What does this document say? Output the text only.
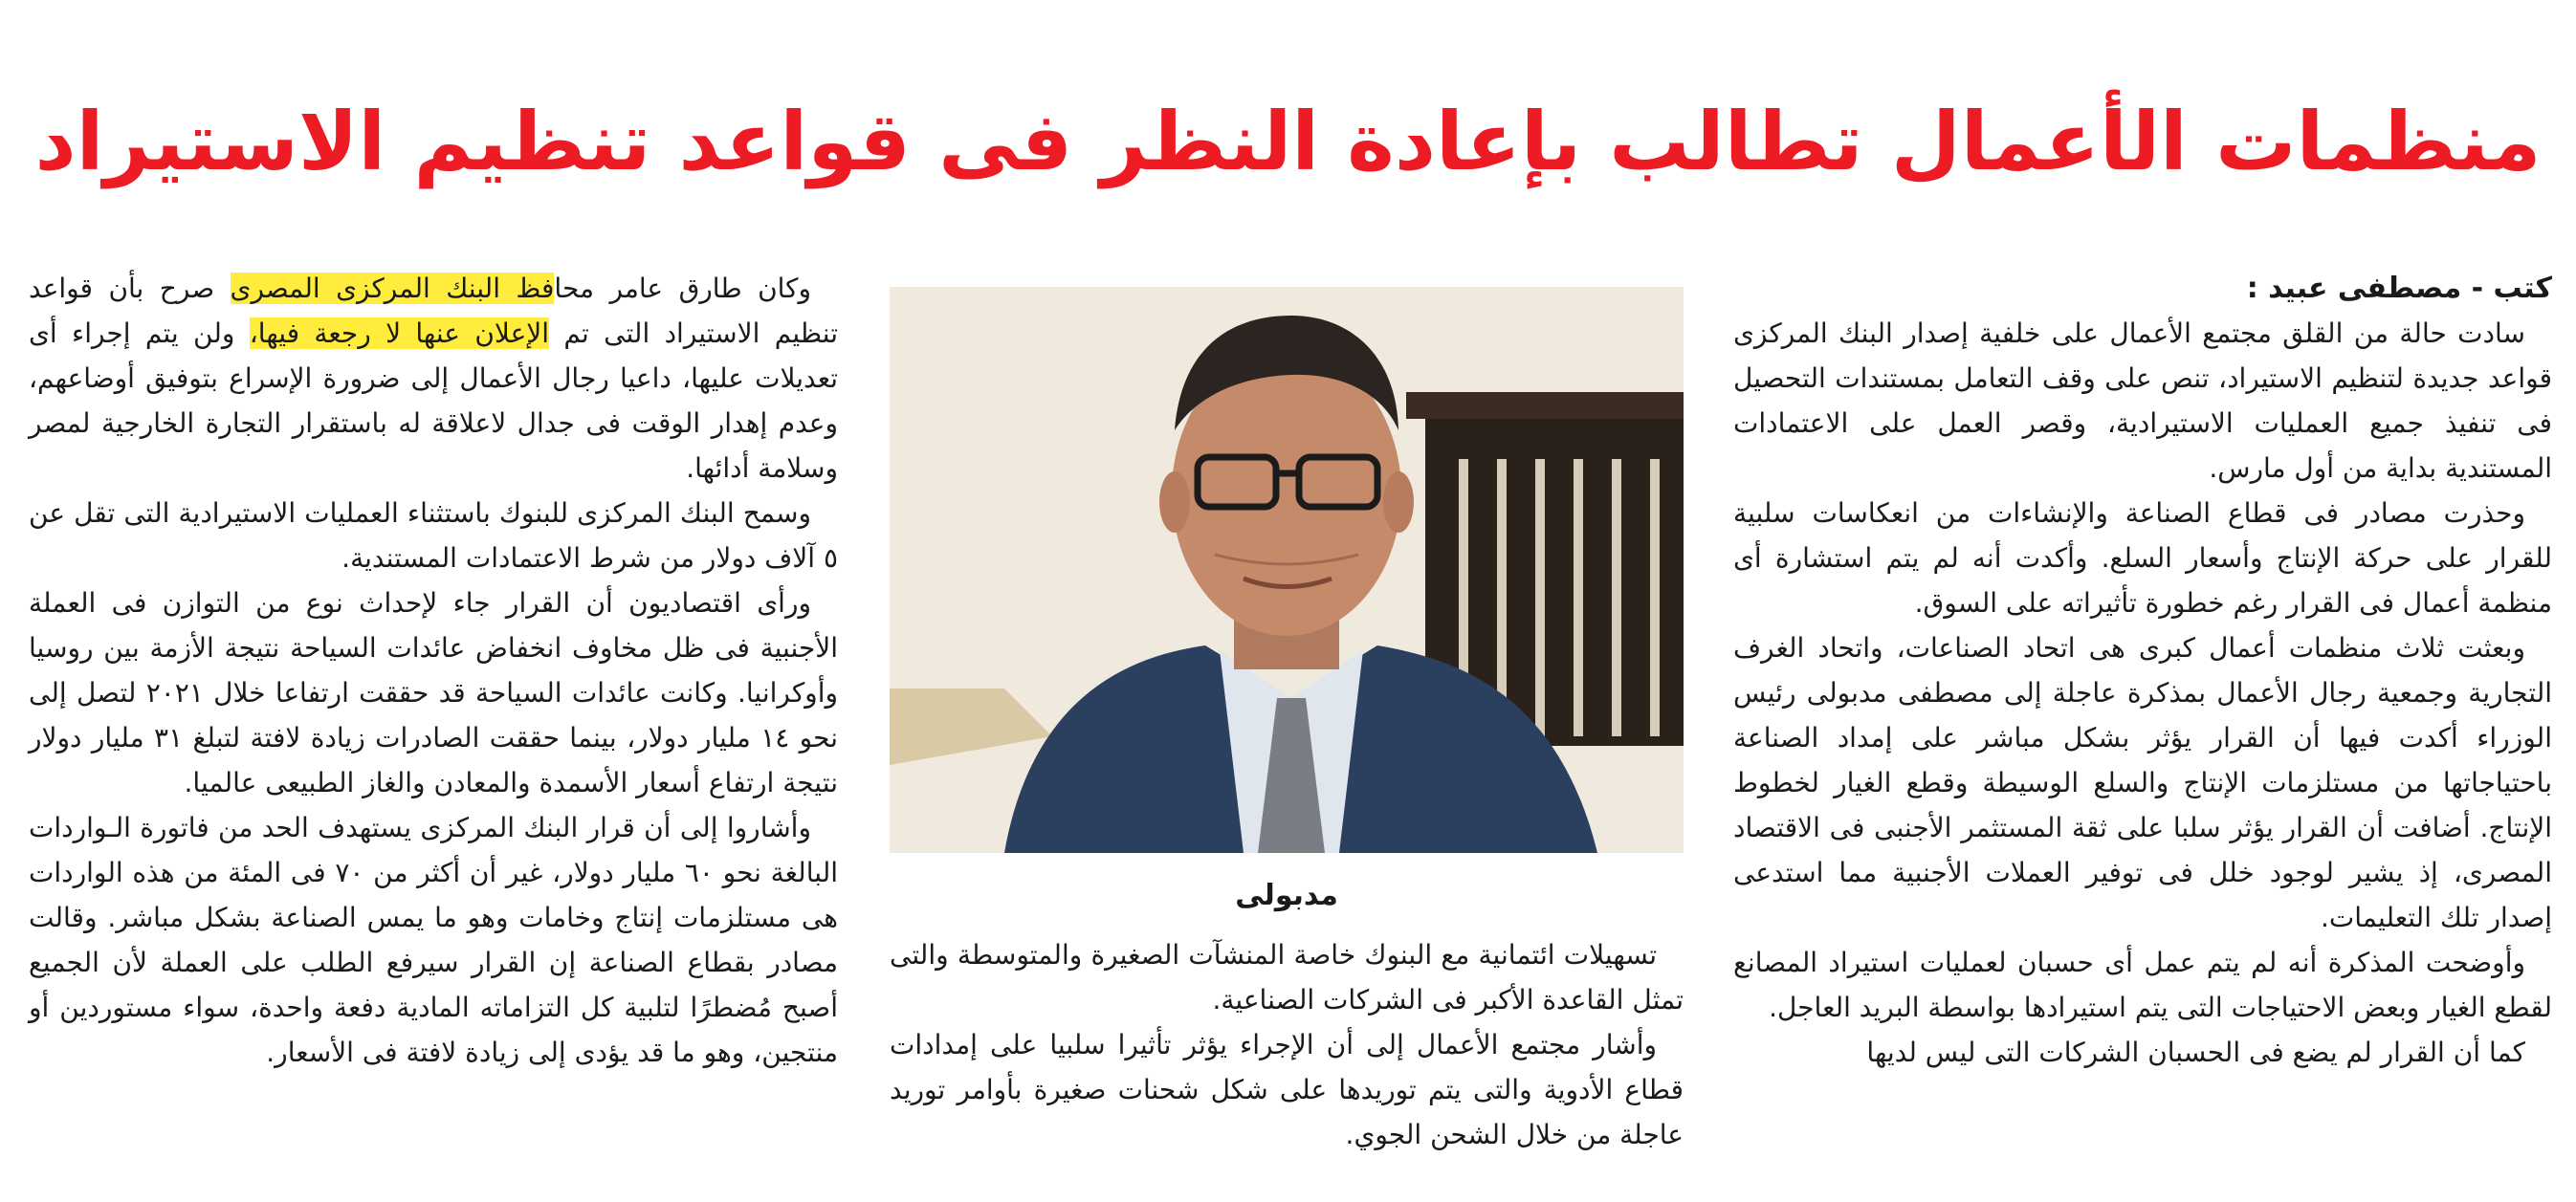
منظمات الأعمال تطالب بإعادة النظر فى قواعد تنظيم الاستيراد

كتب - مصطفى عبيد :

سادت حالة من القلق مجتمع الأعمال على خلفية إصدار البنك المركزى قواعد جديدة لتنظيم الاستيراد، تنص على وقف التعامل بمستندات التحصيل فى تنفيذ جميع العمليات الاستيرادية، وقصر العمل على الاعتمادات المستندية بداية من أول مارس.

وحذرت مصادر فى قطاع الصناعة والإنشاءات من انعكاسات سلبية للقرار على حركة الإنتاج وأسعار السلع. وأكدت أنه لم يتم استشارة أى منظمة أعمال فى القرار رغم خطورة تأثيراته على السوق.

وبعثت ثلاث منظمات أعمال كبرى هى اتحاد الصناعات، واتحاد الغرف التجارية وجمعية رجال الأعمال بمذكرة عاجلة إلى مصطفى مدبولى رئيس الوزراء أكدت فيها أن القرار يؤثر بشكل مباشر على إمداد الصناعة باحتياجاتها من مستلزمات الإنتاج والسلع الوسيطة وقطع الغيار لخطوط الإنتاج. أضافت أن القرار يؤثر سلبا على ثقة المستثمر الأجنبى فى الاقتصاد المصرى، إذ يشير لوجود خلل فى توفير العملات الأجنبية مما استدعى إصدار تلك التعليمات.

وأوضحت المذكرة أنه لم يتم عمل أى حسبان لعمليات استيراد المصانع لقطع الغيار وبعض الاحتياجات التى يتم استيرادها بواسطة البريد العاجل.

كما أن القرار لم يضع فى الحسبان الشركات التى ليس لديها

مدبولى

تسهيلات ائتمانية مع البنوك خاصة المنشآت الصغيرة والمتوسطة والتى تمثل القاعدة الأكبر فى الشركات الصناعية.

وأشار مجتمع الأعمال إلى أن الإجراء يؤثر تأثيرا سلبيا على إمدادات قطاع الأدوية والتى يتم توريدها على شكل شحنات صغيرة بأوامر توريد عاجلة من خلال الشحن الجوي.

وكان طارق عامر محافظ البنك المركزى المصرى صرح بأن قواعد تنظيم الاستيراد التى تم الإعلان عنها لا رجعة فيها، ولن يتم إجراء أى تعديلات عليها، داعيا رجال الأعمال إلى ضرورة الإسراع بتوفيق أوضاعهم، وعدم إهدار الوقت فى جدال لاعلاقة له باستقرار التجارة الخارجية لمصر وسلامة أدائها.

وسمح البنك المركزى للبنوك باستثناء العمليات الاستيرادية التى تقل عن ٥ آلاف دولار من شرط الاعتمادات المستندية.

ورأى اقتصاديون أن القرار جاء لإحداث نوع من التوازن فى العملة الأجنبية فى ظل مخاوف انخفاض عائدات السياحة نتيجة الأزمة بين روسيا وأوكرانيا. وكانت عائدات السياحة قد حققت ارتفاعا خلال ٢٠٢١ لتصل إلى نحو ١٤ مليار دولار، بينما حققت الصادرات زيادة لافتة لتبلغ ٣١ مليار دولار نتيجة ارتفاع أسعار الأسمدة والمعادن والغاز الطبيعى عالميا.

وأشاروا إلى أن قرار البنك المركزى يستهدف الحد من فاتورة الـواردات البالغة نحو ٦٠ مليار دولار، غير أن أكثر من ٧٠ فى المئة من هذه الواردات هى مستلزمات إنتاج وخامات وهو ما يمس الصناعة بشكل مباشر. وقالت مصادر بقطاع الصناعة إن القرار سيرفع الطلب على العملة لأن الجميع أصبح مُضطرًا لتلبية كل التزاماته المادية دفعة واحدة، سواء مستوردين أو منتجين، وهو ما قد يؤدى إلى زيادة لافتة فى الأسعار.
